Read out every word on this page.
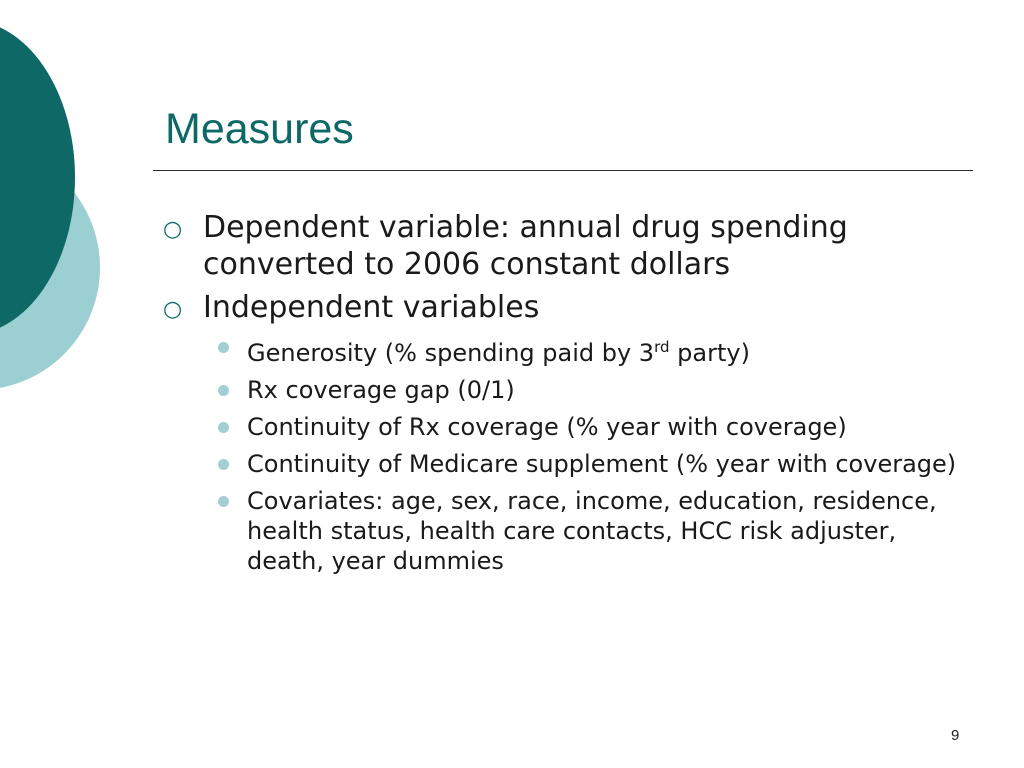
Measures
○ Dependent variable: annual drug spending converted to 2006 constant dollars
○ Independent variables
Generosity (% spending paid by 3rd party)
Rx coverage gap (0/1)
Continuity of Rx coverage (% year with coverage)
Continuity of Medicare supplement (% year with coverage)
Covariates: age, sex, race, income, education, residence, health status, health care contacts, HCC risk adjuster, death, year dummies
9
